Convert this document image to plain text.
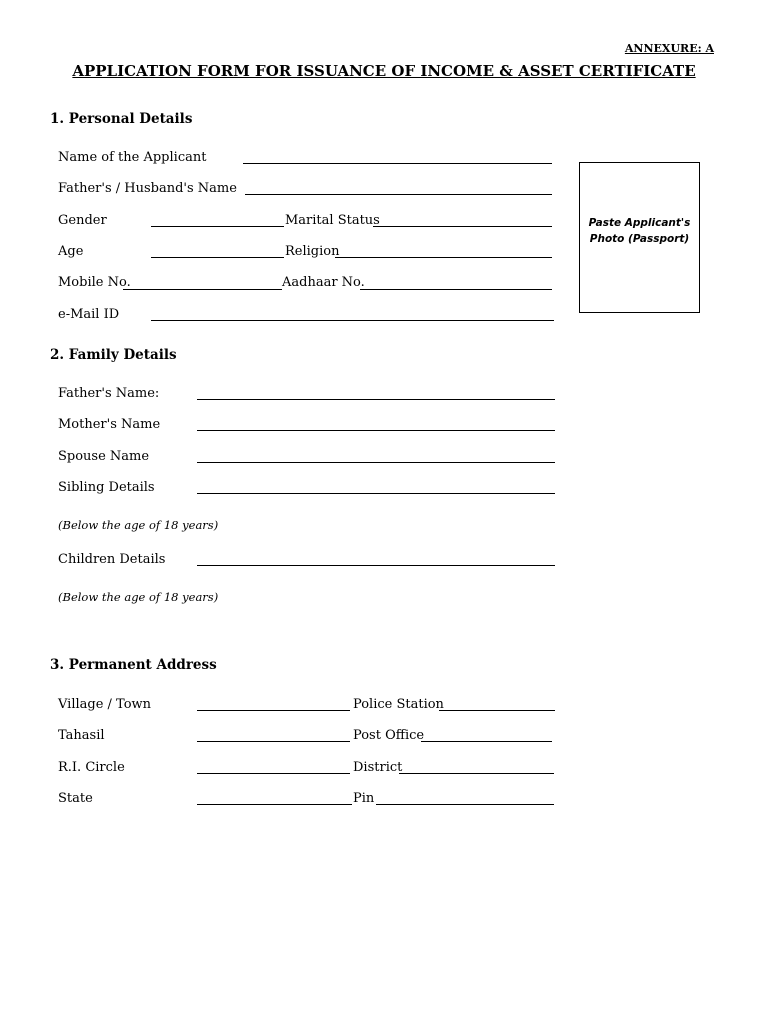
ANNEXURE: A
APPLICATION FORM FOR ISSUANCE OF INCOME & ASSET CERTIFICATE
1. Personal Details
Name of the Applicant
Father's / Husband's Name
Gender	Marital Status
Age	Religion
Mobile No.	Aadhaar No.
e-Mail ID
Paste Applicant's Photo (Passport)
2. Family Details
Father's Name:
Mother's Name
Spouse Name
Sibling Details
(Below the age of 18 years)
Children Details
(Below the age of 18 years)
3. Permanent Address
Village / Town	Police Station
Tahasil	Post Office
R.I. Circle	District
State	Pin
